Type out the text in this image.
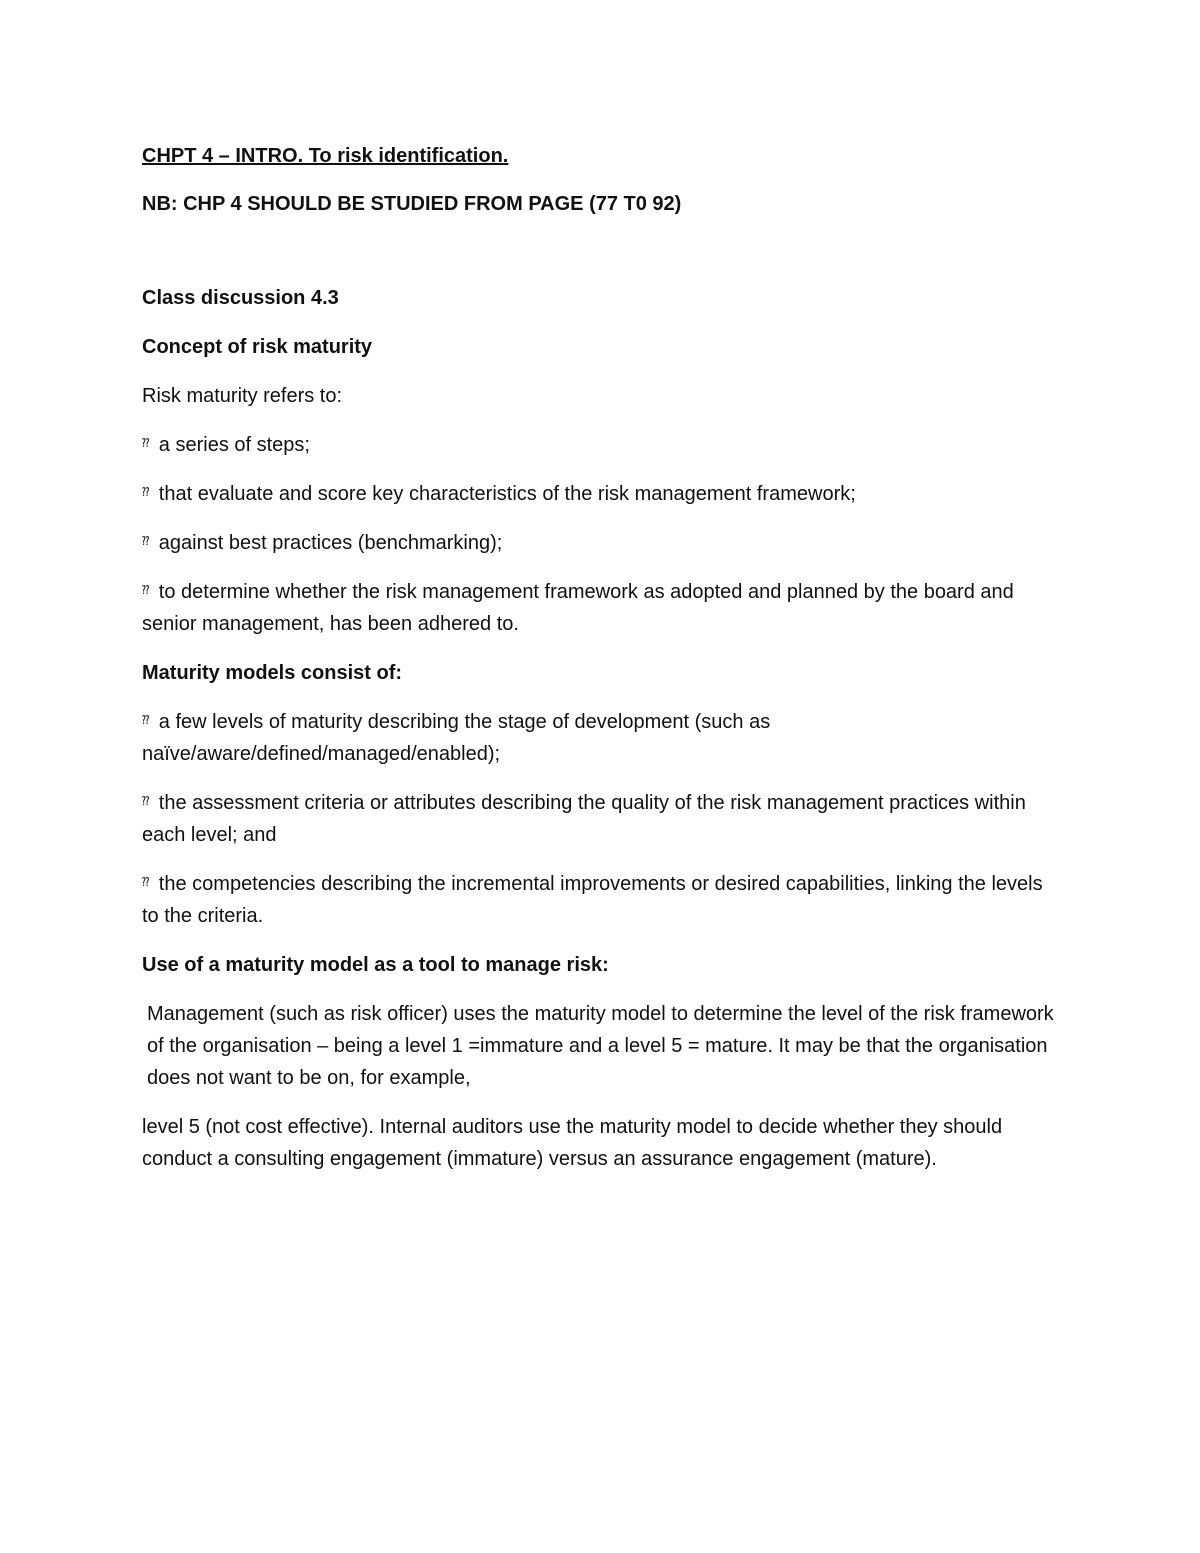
CHPT 4 – INTRO. To risk identification.
NB: CHP 4 SHOULD BE STUDIED FROM PAGE (77 T0 92)
Class discussion 4.3
Concept of risk maturity
Risk maturity refers to:
⁇ a series of steps;
⁇ that evaluate and score key characteristics of the risk management framework;
⁇ against best practices (benchmarking);
⁇ to determine whether the risk management framework as adopted and planned by the board and senior management, has been adhered to.
Maturity models consist of:
⁇ a few levels of maturity describing the stage of development (such as naïve/aware/defined/managed/enabled);
⁇ the assessment criteria or attributes describing the quality of the risk management practices within each level; and
⁇ the competencies describing the incremental improvements or desired capabilities, linking the levels to the criteria.
Use of a maturity model as a tool to manage risk:
Management (such as risk officer) uses the maturity model to determine the level of the risk framework of the organisation – being a level 1 =immature and a level 5 = mature. It may be that the organisation does not want to be on, for example,
level 5 (not cost effective). Internal auditors use the maturity model to decide whether they should conduct a consulting engagement (immature) versus an assurance engagement (mature).
